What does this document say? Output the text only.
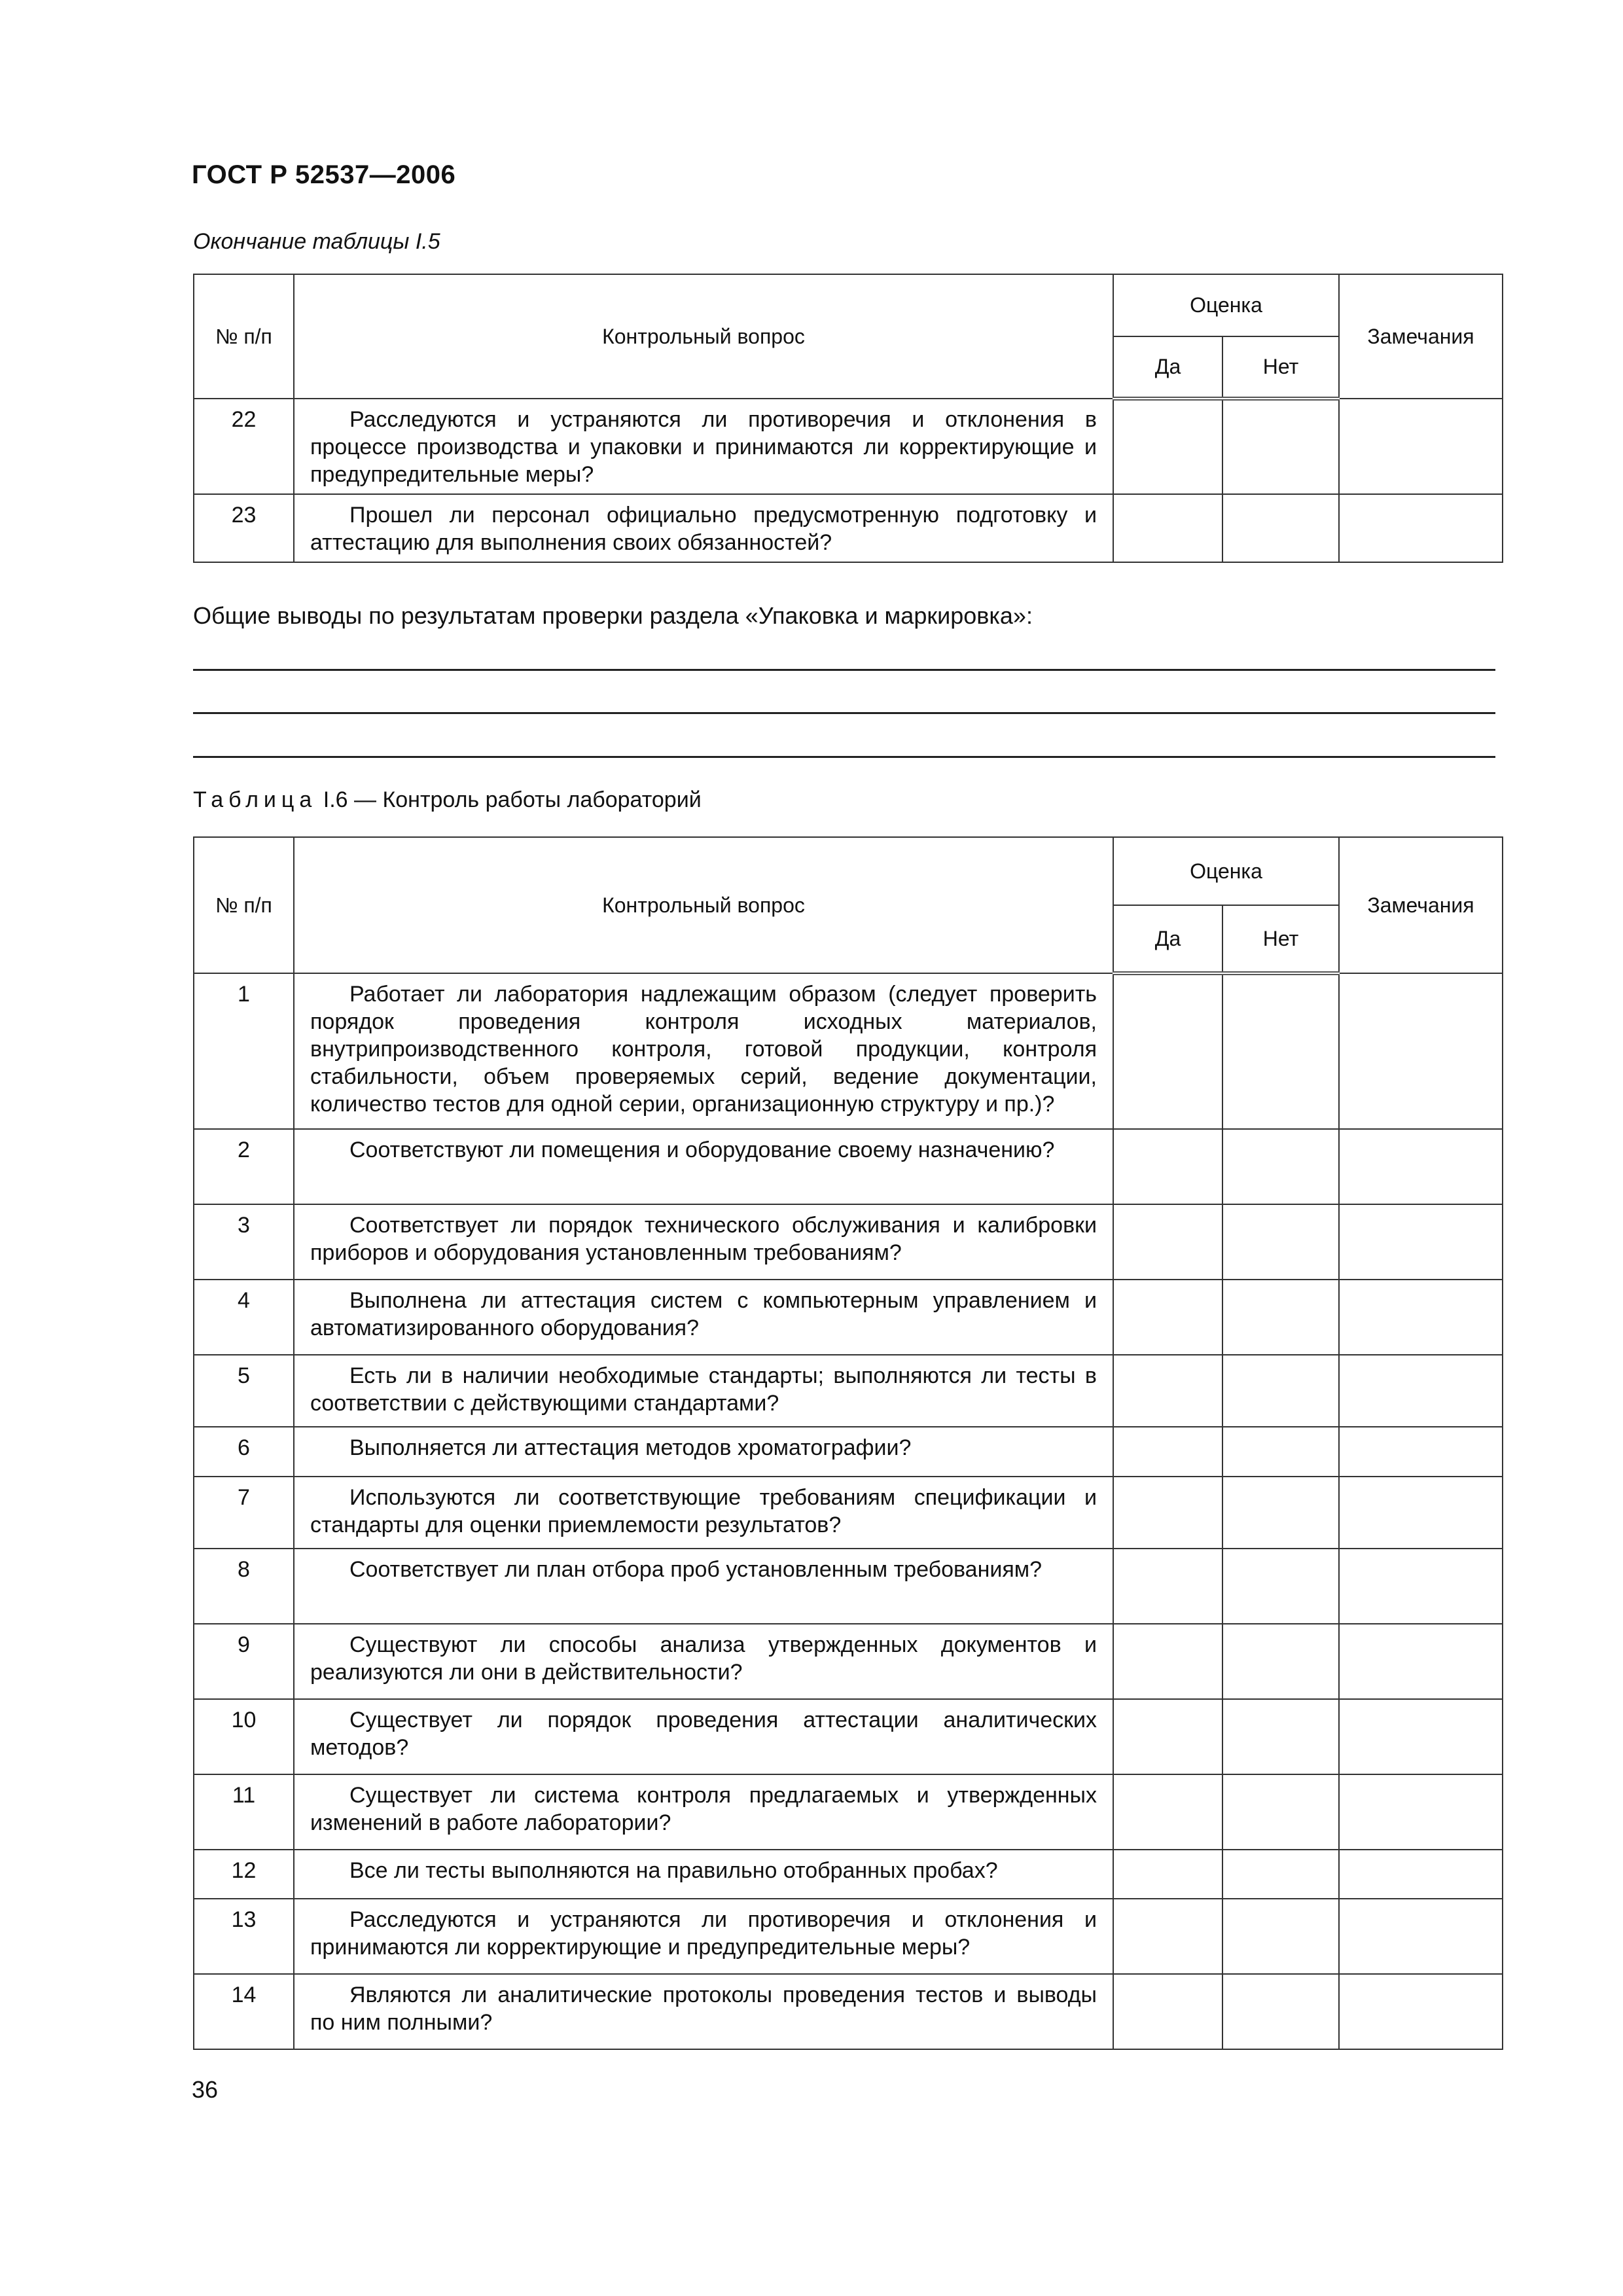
ГОСТ Р 52537—2006
Окончание таблицы I.5
№ п/п	Контрольный вопрос	Оценка		Замечания
		Да	Нет	
22	Расследуются и устраняются ли противоречия и отклонения в процессе производства и упаковки и принимаются ли корректирующие и предупредительные меры?			
23	Прошел ли персонал официально предусмотренную подготовку и аттестацию для выполнения своих обязанностей?			
Общие выводы по результатам проверки раздела «Упаковка и маркировка»:
Таблица I.6 — Контроль работы лабораторий
№ п/п	Контрольный вопрос	Оценка		Замечания
		Да	Нет	
1	Работает ли лаборатория надлежащим образом (следует проверить порядок проведения контроля исходных материалов, внутрипроизводственного контроля, готовой продукции, контроля стабильности, объем проверяемых серий, ведение документации, количество тестов для одной серии, организационную структуру и пр.)?			
2	Соответствуют ли помещения и оборудование своему назначению?			
3	Соответствует ли порядок технического обслуживания и калибровки приборов и оборудования установленным требованиям?			
4	Выполнена ли аттестация систем с компьютерным управлением и автоматизированного оборудования?			
5	Есть ли в наличии необходимые стандарты; выполняются ли тесты в соответствии с действующими стандартами?			
6	Выполняется ли аттестация методов хроматографии?			
7	Используются ли соответствующие требованиям спецификации и стандарты для оценки приемлемости результатов?			
8	Соответствует ли план отбора проб установленным требованиям?			
9	Существуют ли способы анализа утвержденных документов и реализуются ли они в действительности?			
10	Существует ли порядок проведения аттестации аналитических методов?			
11	Существует ли система контроля предлагаемых и утвержденных изменений в работе лаборатории?			
12	Все ли тесты выполняются на правильно отобранных пробах?			
13	Расследуются и устраняются ли противоречия и отклонения и принимаются ли корректирующие и предупредительные меры?			
14	Являются ли аналитические протоколы проведения тестов и выводы по ним полными?			
36
